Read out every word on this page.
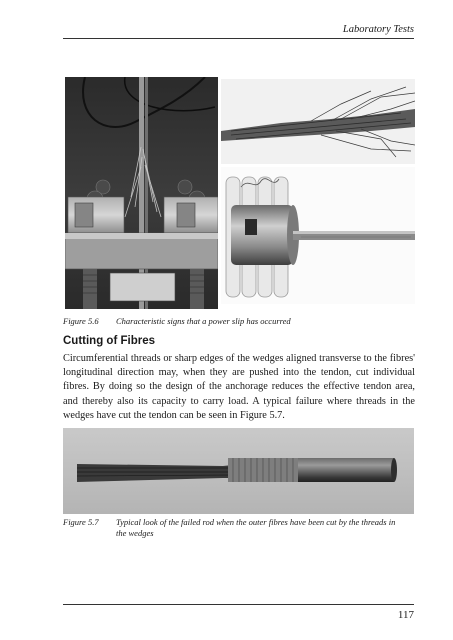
Laboratory Tests
Figure 5.6 Characteristic signs that a power slip has occurred
Cutting of Fibres

Circumferential threads or sharp edges of the wedges aligned transverse to the fibres' longitudinal direction may, when they are pushed into the tendon, cut individual fibres. By doing so the design of the anchorage reduces the effective tendon area, and thereby also its capacity to carry load. A typical failure where threads in the wedges have cut the tendon can be seen in Figure 5.7.

Figure 5.7 Typical look of the failed rod when the outer fibres have been cut by the threads in the wedges
117
